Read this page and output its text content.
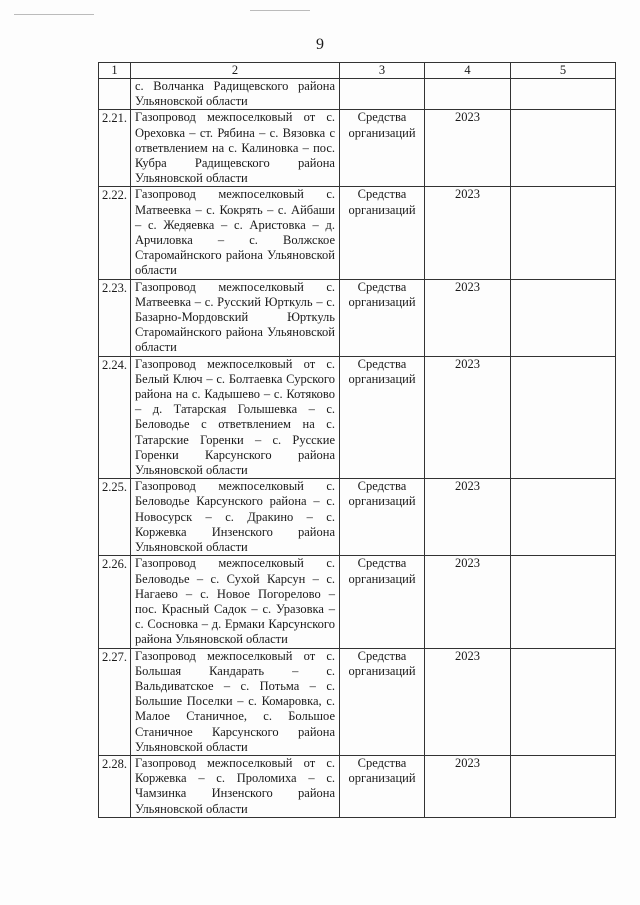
9
1	2	3	4	5
	с. Волчанка Радищевского района Ульяновской области			
2.21.	Газопровод межпоселковый от с. Ореховка – ст. Рябина – с. Вязовка с ответвлением на с. Калиновка – пос. Кубра Радищевского района Ульяновской области	Средства организаций	2023	
2.22.	Газопровод межпоселковый с. Матвеевка – с. Кокрять – с. Айбаши – с. Жедяевка – с. Аристовка – д. Арчиловка – с. Волжское Старомайнского района Ульяновской области	Средства организаций	2023	
2.23.	Газопровод межпоселковый с. Матвеевка – с. Русский Юрткуль – с. Базарно-Мордовский Юрткуль Старомайнского района Ульяновской области	Средства организаций	2023	
2.24.	Газопровод межпоселковый от с. Белый Ключ – с. Болтаевка Сурского района на с. Кадышево – с. Котяково – д. Татарская Голышевка – с. Беловодье с ответвлением на с. Татарские Горенки – с. Русские Горенки Карсунского района Ульяновской области	Средства организаций	2023	
2.25.	Газопровод межпоселковый с. Беловодье Карсунского района – с. Новосурск – с. Дракино – с. Коржевка Инзенского района Ульяновской области	Средства организаций	2023	
2.26.	Газопровод межпоселковый с. Беловодье – с. Сухой Карсун – с. Нагаево – с. Новое Погорелово – пос. Красный Садок – с. Уразовка – с. Сосновка – д. Ермаки Карсунского района Ульяновской области	Средства организаций	2023	
2.27.	Газопровод межпоселковый от с. Большая Кандарать – с. Вальдиватское – с. Потьма – с. Большие Поселки – с. Комаровка, с. Малое Станичное, с. Большое Станичное Карсунского района Ульяновской области	Средства организаций	2023	
2.28.	Газопровод межпоселковый от с. Коржевка – с. Проломиха – с. Чамзинка Инзенского района Ульяновской области	Средства организаций	2023	
